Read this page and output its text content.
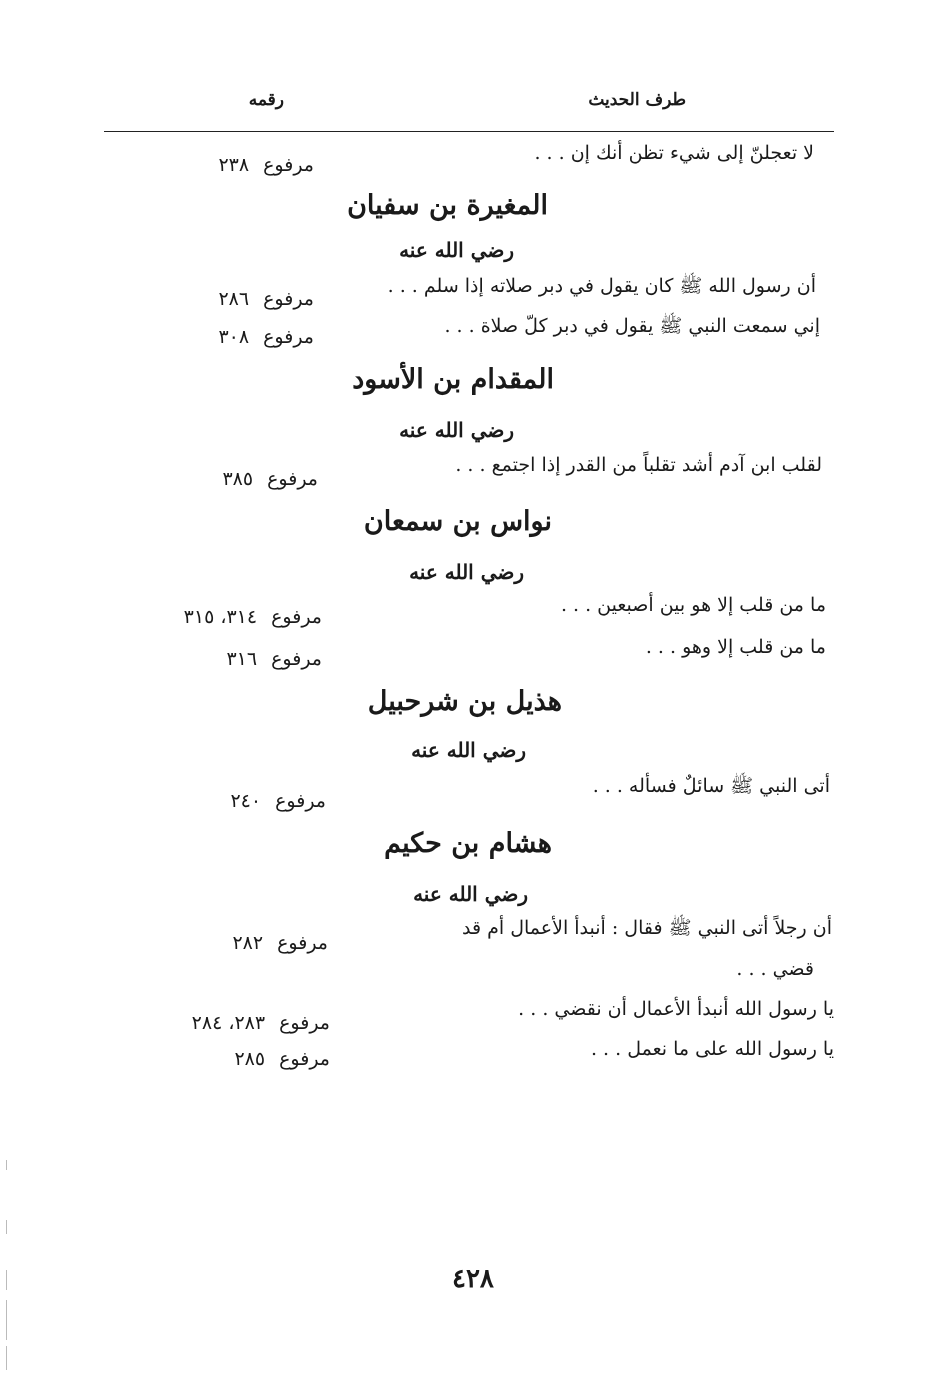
طرف الحديث
رقمه
لا تعجلنّ إلى شيء تظن أنك إن . . .
مرفوع٢٣٨
المغيرة بن سفيان
رضي الله عنه
أن رسول الله ﷺ كان يقول في دبر صلاته إذا سلم . . .
مرفوع٢٨٦
إني سمعت النبي ﷺ يقول في دبر كلّ صلاة . . .
مرفوع٣٠٨
المقدام بن الأسود
رضي الله عنه
لقلب ابن آدم أشد تقلباً من القدر إذا اجتمع . . .
مرفوع٣٨٥
نواس بن سمعان
رضي الله عنه
ما من قلب إلا هو بين أصبعين . . .
مرفوع٣١٤، ٣١٥
ما من قلب إلا وهو . . .
مرفوع٣١٦
هذيل بن شرحبيل
رضي الله عنه
أتى النبي ﷺ سائلٌ فسأله . . .
مرفوع٢٤٠
هشام بن حكيم
رضي الله عنه
أن رجلاً أتى النبي ﷺ فقال : أنبدأ الأعمال أم قد
قضي . . .
مرفوع٢٨٢
يا رسول الله أنبدأ الأعمال أن نقضي . . .
مرفوع٢٨٣، ٢٨٤
يا رسول الله على ما نعمل . . .
مرفوع٢٨٥
٤٢٨
